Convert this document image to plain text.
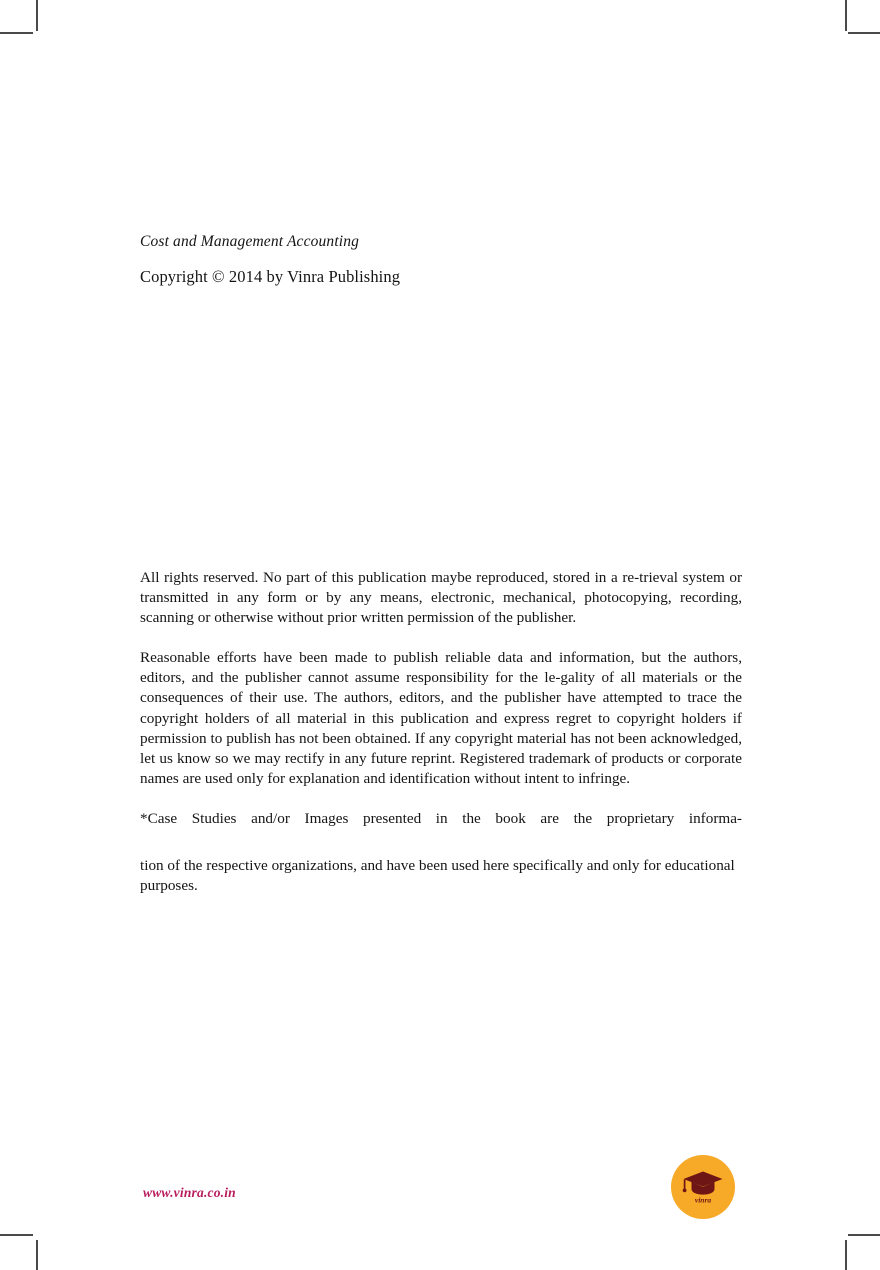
Cost and Management Accounting
Copyright © 2014 by Vinra Publishing

All rights reserved. No part of this publication maybe reproduced, stored in a re‐trieval system or transmitted in any form or by any means, electronic, mechanical, photocopying, recording, scanning or otherwise without prior written permission of the publisher.

Reasonable efforts have been made to publish reliable data and information, but the authors, editors, and the publisher cannot assume responsibility for the le‐gality of all materials or the consequences of their use. The authors, editors, and the publisher have attempted to trace the copyright holders of all material in this publication and express regret to copyright holders if permission to publish has not been obtained. If any copyright material has not been acknowledged, let us know so we may rectify in any future reprint. Registered trademark of products or corporate names are used only for explanation and identification without intent to infringe.

*Case Studies and/or Images presented in the book are the proprietary informa-

tion of the respective organizations, and have been used here specifically and only for educational purposes.

www.vinra.co.in	vinra
